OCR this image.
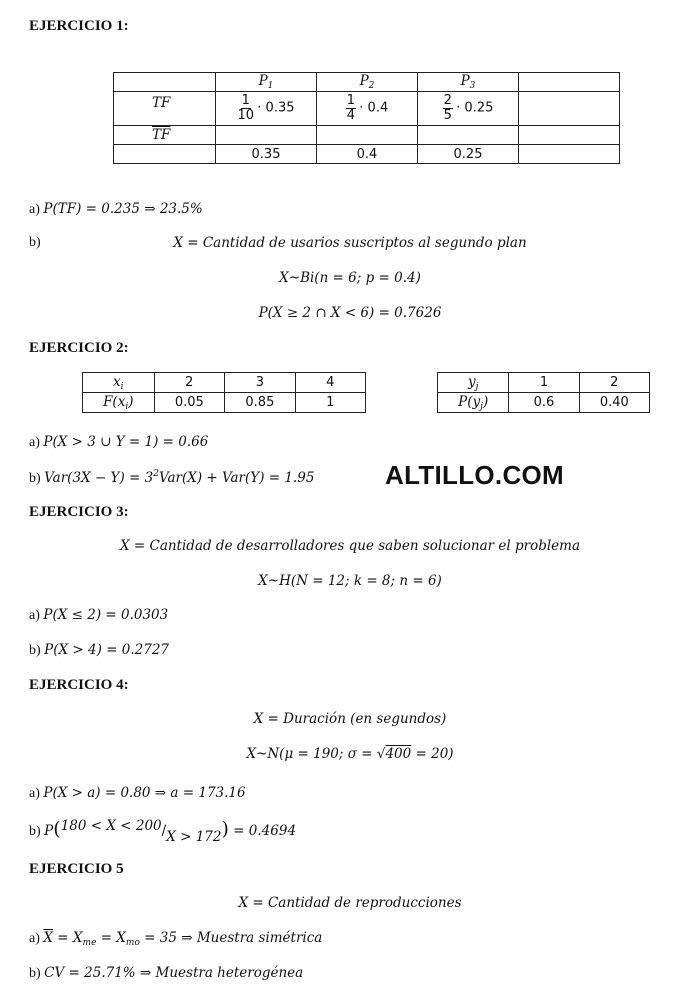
EJERCICIO 1:
	$P_1$	$P_2$	$P_3$	
TF	$\frac{1}{10} \cdot 0.35$	$\frac{1}{4} \cdot 0.4$	$\frac{2}{5} \cdot 0.25$	
$\overline{TF}$				
	0.35	0.4	0.25	
a) P(TF) = 0.235 ⇒ 23.5%
b)	X = Cantidad de usarios suscriptos al segundo plan
X~Bi(n = 6; p = 0.4)
P(X ≥ 2 ∩ X < 6) = 0.7626
EJERCICIO 2:
$x_i$	2	3	4
$F(x_i)$	0.05	0.85	1
$y_j$	1	2
$P(y_j)$	0.6	0.40
a) P(X > 3 ∪ Y = 1) = 0.66
b) $Var(3X - Y) = 3^2Var(X) + Var(Y) = 1.95$	ALTILLO.COM
EJERCICIO 3:
X = Cantidad de desarrolladores que saben solucionar el problema
X~H(N = 12; k = 8; n = 6)
a) P(X ≤ 2) = 0.0303
b) P(X > 4) = 0.2727
EJERCICIO 4:
X = Duración (en segundos)
X~N(μ = 190; σ = √400 = 20)
a) P(X > a) = 0.80 ⇒ a = 173.16
b) P(180 < X < 200/X > 172) = 0.4694
EJERCICIO 5
X = Cantidad de reproducciones
a) $\overline{X} = X_{me} = X_{mo} = 35$ ⇒ Muestra simétrica
b) CV = 25.71% ⇒ Muestra heterogénea
